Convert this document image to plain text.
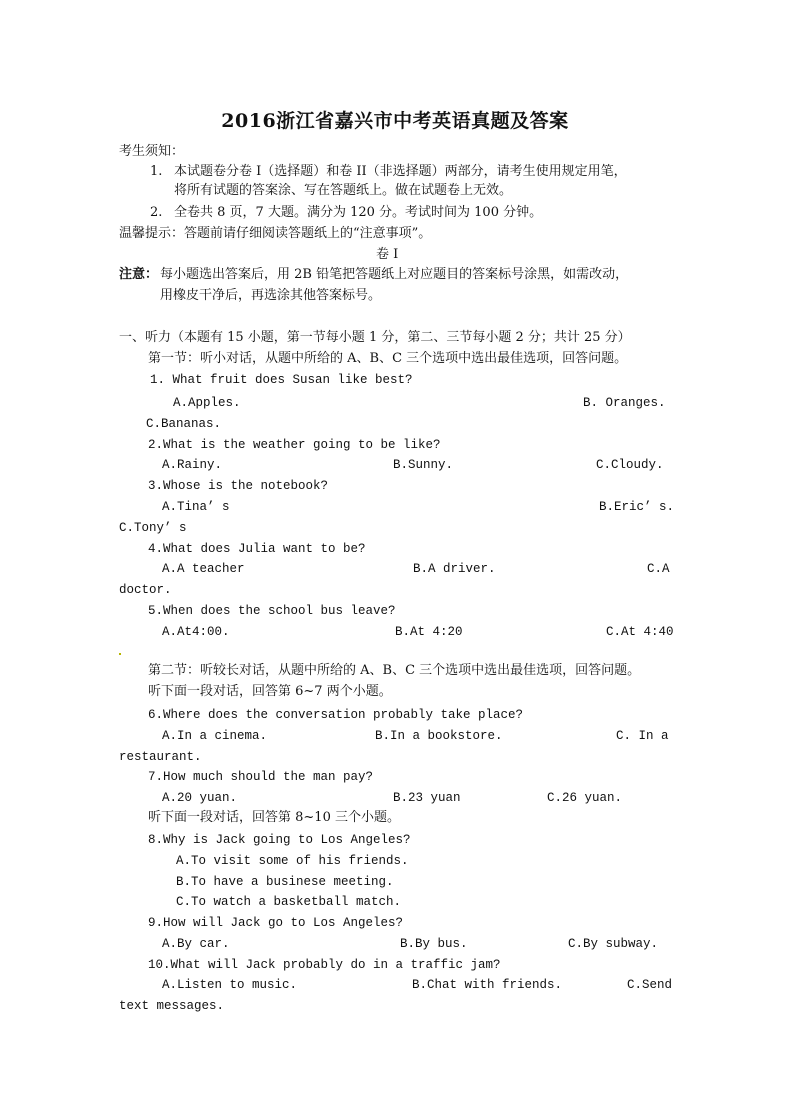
2016浙江省嘉兴市中考英语真题及答案
考生须知：
1. 本试题卷分卷 I（选择题）和卷 II（非选择题）两部分，请考生使用规定用笔，
将所有试题的答案涂、写在答题纸上。做在试题卷上无效。
2. 全卷共 8 页，7 大题。满分为 120 分。考试时间为 100 分钟。
温馨提示：答题前请仔细阅读答题纸上的“注意事项”。
卷 I
注意： 每小题选出答案后，用 2B 铅笔把答题纸上对应题目的答案标号涂黑，如需改动，
用橡皮干净后，再选涂其他答案标号。
一、听力（本题有 15 小题，第一节每小题 1 分，第二、三节每小题 2 分；共计 25 分）
第一节：听小对话，从题中所给的 A、B、C 三个选项中选出最佳选项，回答问题。
1. What fruit does Susan like best?
A.Apples.	B. Oranges.
C.Bananas.
2.What is the weather going to be like?
A.Rainy.	B.Sunny.	C.Cloudy.
3.Whose is the notebook?
A.Tina’ s	B.Eric’ s.
C.Tony’ s
4.What does Julia want to be?
A.A teacher	B.A driver.	C.A
doctor.
5.When does the school bus leave?
A.At4:00.	B.At 4:20	C.At 4:40
第二节：听较长对话，从题中所给的 A、B、C 三个选项中选出最佳选项，回答问题。
听下面一段对话，回答第 6~7 两个小题。
6.Where does the conversation probably take place?
A.In a cinema.	B.In a bookstore.	C. In a
restaurant.
7.How much should the man pay?
A.20 yuan.	B.23 yuan	C.26 yuan.
听下面一段对话，回答第 8~10 三个小题。
8.Why is Jack going to Los Angeles?
A.To visit some of his friends.
B.To have a businese meeting.
C.To watch a basketball match.
9.How will Jack go to Los Angeles?
A.By car.	B.By bus.	C.By subway.
10.What will Jack probably do in a traffic jam?
A.Listen to music.	B.Chat with friends.	C.Send
text messages.
